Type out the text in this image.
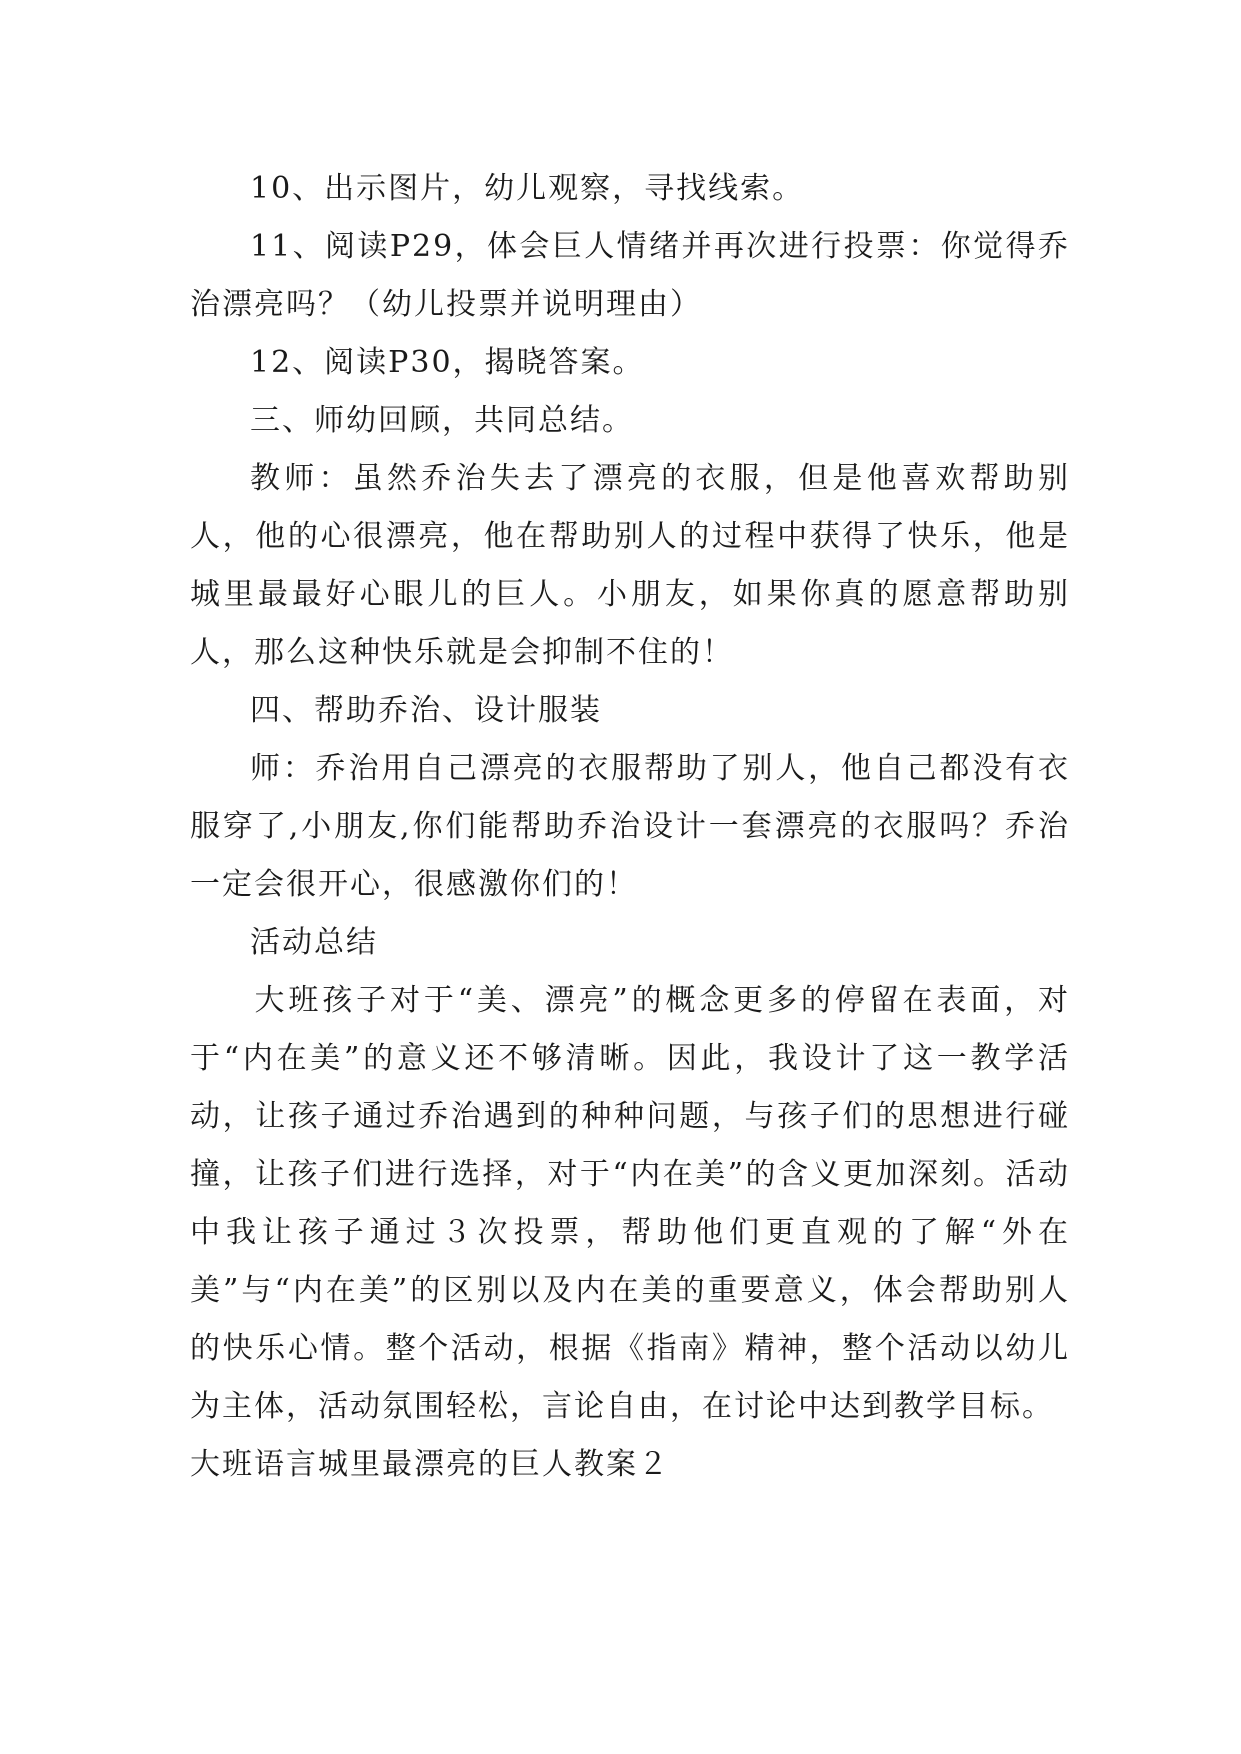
10、出示图片，幼儿观察，寻找线索。

11、阅读P29，体会巨人情绪并再次进行投票：你觉得乔治漂亮吗？（幼儿投票并说明理由）

12、阅读P30，揭晓答案。

三、师幼回顾，共同总结。

教师：虽然乔治失去了漂亮的衣服，但是他喜欢帮助别人，他的心很漂亮，他在帮助别人的过程中获得了快乐，他是城里最最好心眼儿的巨人。小朋友，如果你真的愿意帮助别人，那么这种快乐就是会抑制不住的！

四、帮助乔治、设计服装

师：乔治用自己漂亮的衣服帮助了别人，他自己都没有衣服穿了,小朋友,你们能帮助乔治设计一套漂亮的衣服吗？乔治一定会很开心，很感激你们的！

活动总结

大班孩子对于“美、漂亮”的概念更多的停留在表面，对于“内在美”的意义还不够清晰。因此，我设计了这一教学活动，让孩子通过乔治遇到的种种问题，与孩子们的思想进行碰撞，让孩子们进行选择，对于“内在美”的含义更加深刻。活动中我让孩子通过３次投票，帮助他们更直观的了解“外在美”与“内在美”的区别以及内在美的重要意义，体会帮助别人的快乐心情。整个活动，根据《指南》精神，整个活动以幼儿为主体，活动氛围轻松，言论自由，在讨论中达到教学目标。

大班语言城里最漂亮的巨人教案２
